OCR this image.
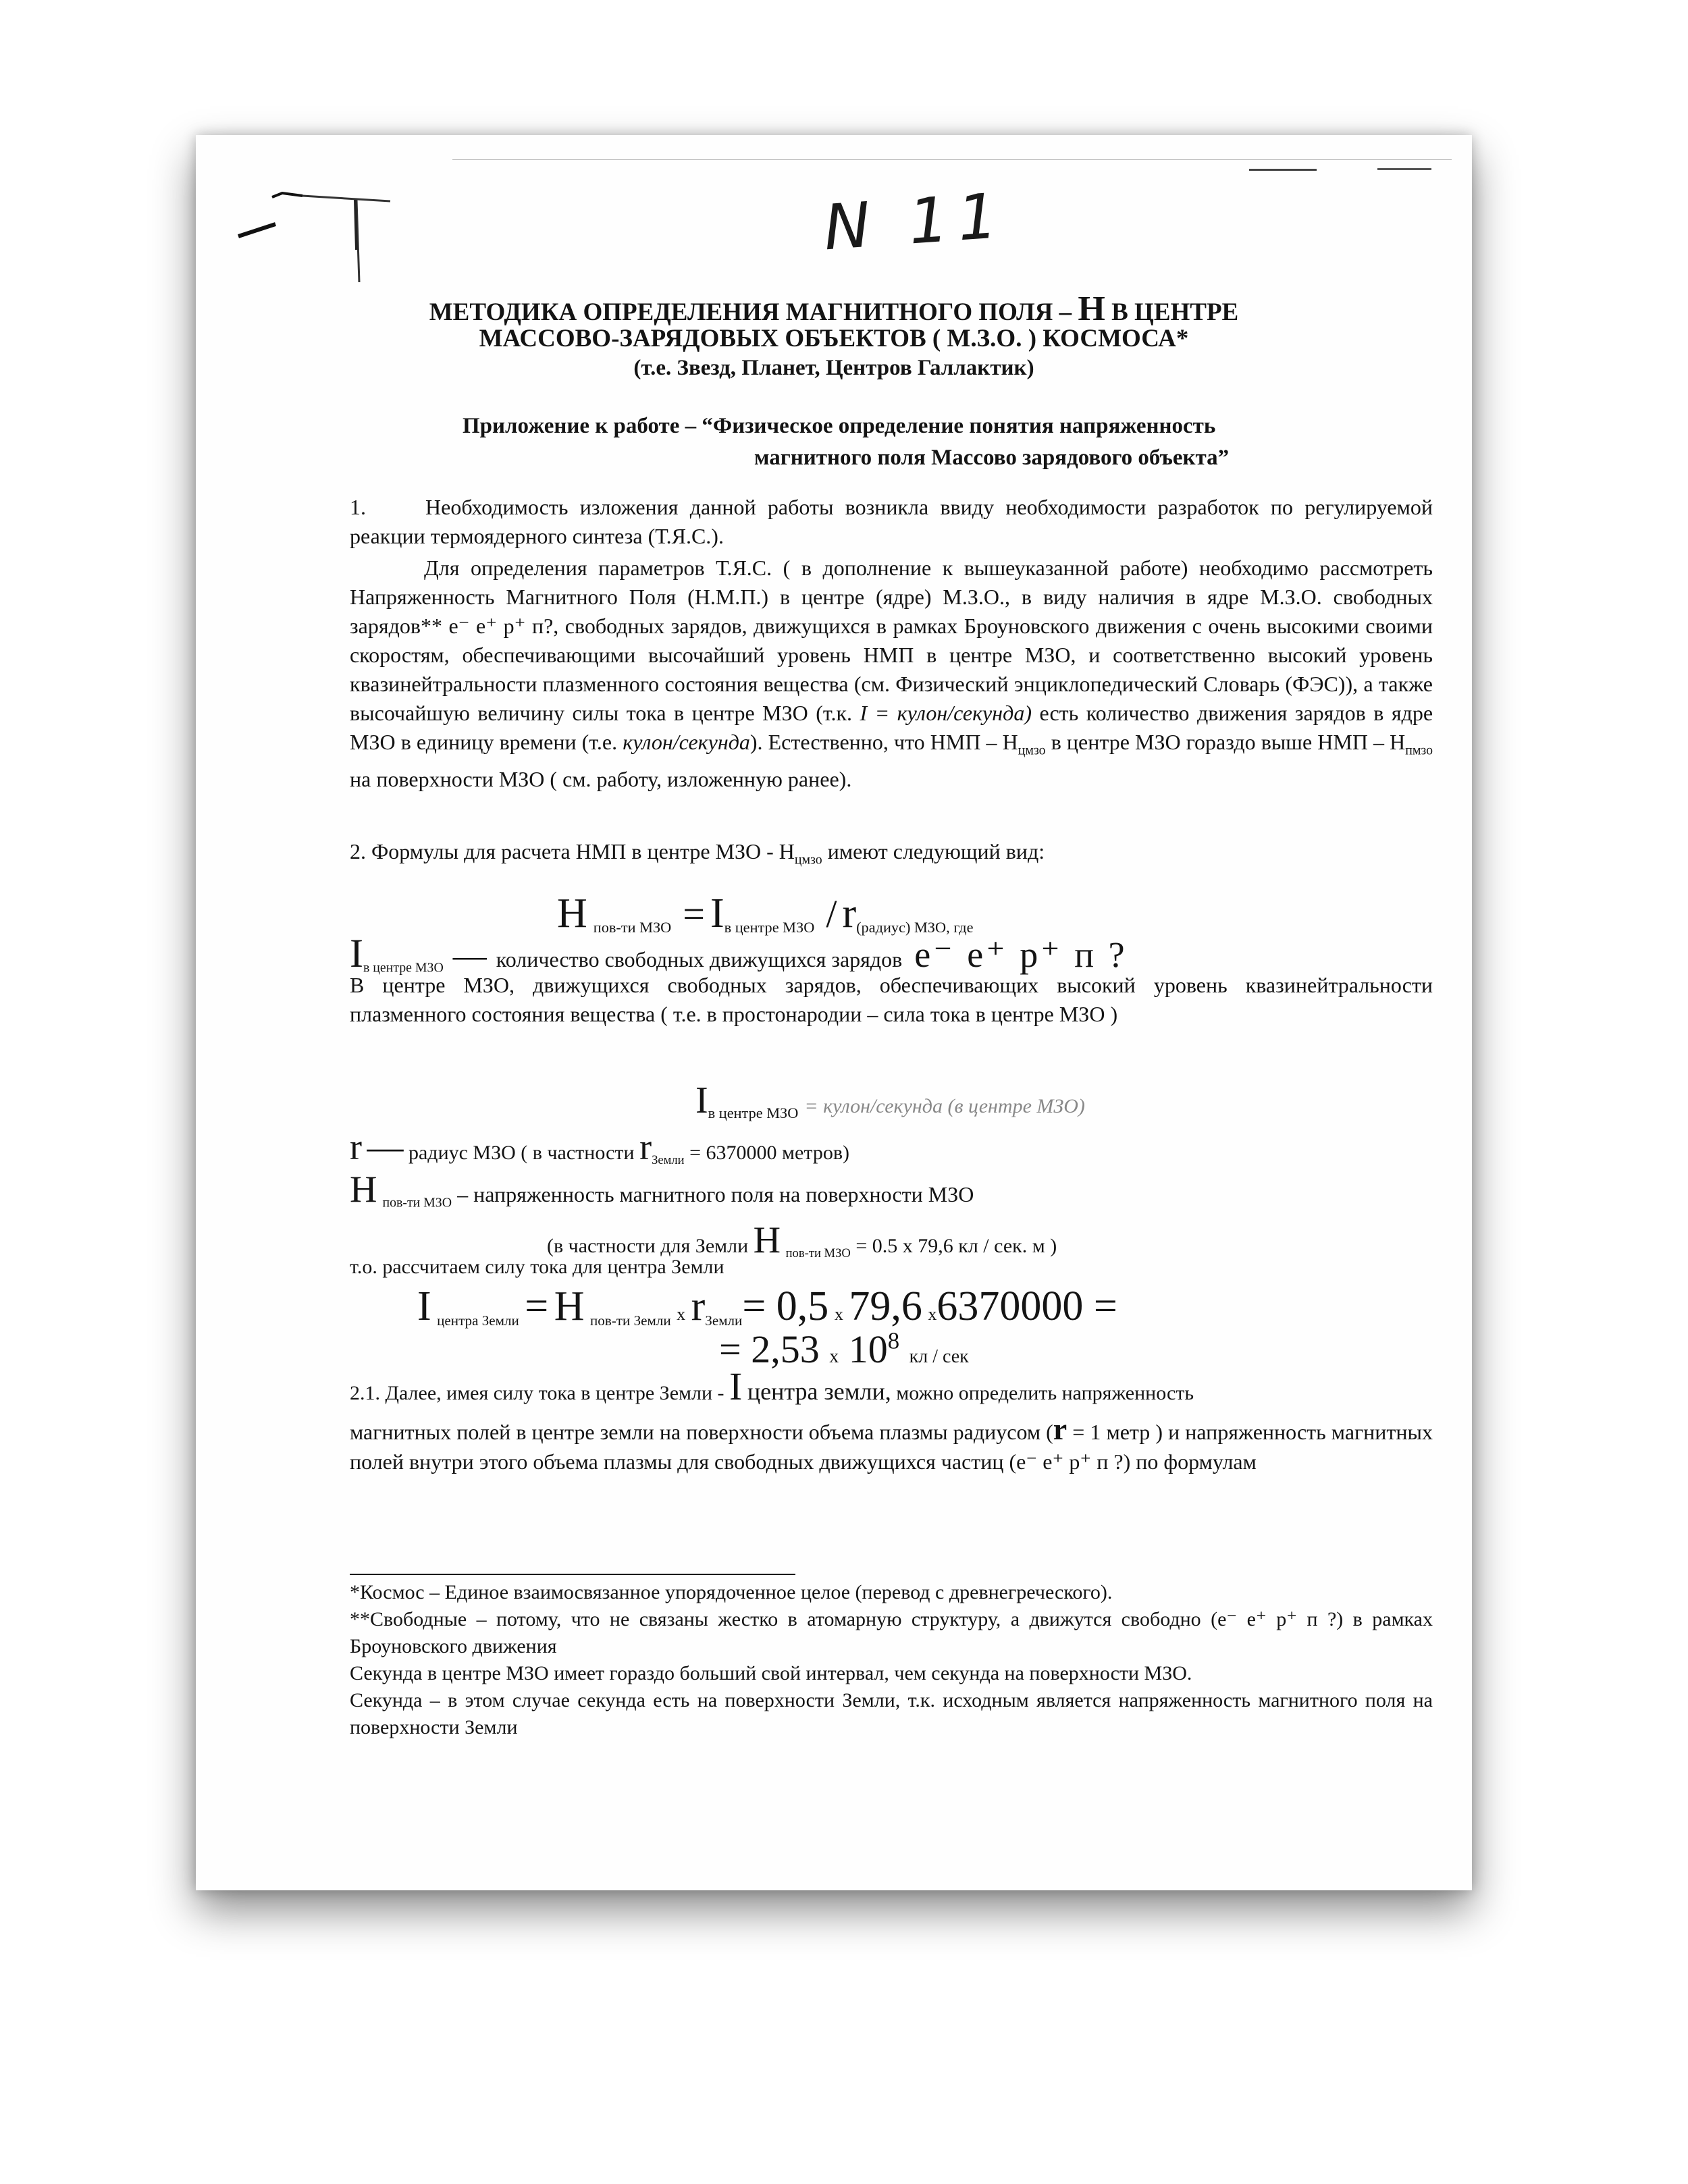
N 11
МЕТОДИКА ОПРЕДЕЛЕНИЯ МАГНИТНОГО ПОЛЯ – Н В ЦЕНТРЕ
МАССОВО-ЗАРЯДОВЫХ ОБЪЕКТОВ ( М.З.О. ) КОСМОСА*
(т.е. Звезд, Планет, Центров Галлактик)
Приложение к работе – “Физическое определение понятия напряженность
магнитного поля Массово зарядового объекта”
1.	Необходимость изложения данной работы возникла ввиду необходимости разработок по регулируемой реакции термоядерного синтеза (Т.Я.С.).
Для определения параметров Т.Я.С. ( в дополнение к вышеуказанной работе) необходимо рассмотреть Напряженность Магнитного Поля (Н.М.П.) в центре (ядре) М.З.О., в виду наличия в ядре М.З.О. свободных зарядов** e⁻ e⁺ p⁺ п?, свободных зарядов, движущихся в рамках Броуновского движения с очень высокими своими скоростям, обеспечивающими высочайший уровень НМП в центре МЗО, и соответственно высокий уровень квазинейтральности плазменного состояния вещества (см. Физический энциклопедический Словарь (ФЭС)), а также высочайшую величину силы тока в центре МЗО (т.к. I = кулон/секунда) есть количество движения зарядов в ядре МЗО в единицу времени (т.е. кулон/секунда). Естественно, что НМП – $Н_{цмзо}$ в центре МЗО гораздо выше НМП – $Н_{пмзо}$ на поверхности МЗО ( см. работу, изложенную ранее).
2. Формулы для расчета НМП в центре МЗО - $Н_{цмзо}$ имеют следующий вид:
Н $_{пов-ти МЗО} = I_{в центре МЗО} / r_{(радиус) МЗО, где}$
$I_{в центре МЗО}$ — количество свободных движущихся зарядов e⁻ e⁺ p⁺ п ?
В центре МЗО, движущихся свободных зарядов, обеспечивающих высокий уровень квазинейтральности плазменного состояния вещества ( т.е. в простонародии – сила тока в центре МЗО )
$I_{в центре МЗО}$ = кулон/секунда (в центре МЗО)
r — радиус МЗО ( в частности $r_{Земли} = 6370000$ метров)
Н $_{пов-ти МЗО}$ – напряженность магнитного поля на поверхности МЗО
(в частности для Земли Н $_{пов-ти МЗО}$ = 0.5 х 79,6 кл / сек. м )
т.о. рассчитаем силу тока для центра Земли
I $_{центра Земли}$ = Н $_{пов-ти Земли}$ х $r_{Земли}= 0,5$ х 79,6 х6370000 =
= 2,53 х $10^8$ кл / сек
2.1. Далее, имея силу тока в центре Земли - I центра земли, можно определить напряженность
магнитных полей в центре земли на поверхности объема плазмы радиусом (r = 1 метр ) и напряженность магнитных полей внутри этого объема плазмы для свободных движущихся частиц (e⁻ e⁺ p⁺ п ?) по формулам
*Космос – Единое взаимосвязанное упорядоченное целое (перевод с древнегреческого).
**Свободные – потому, что не связаны жестко в атомарную структуру, а движутся свободно (e⁻ e⁺ p⁺ п ?) в рамках Броуновского движения
Секунда в центре МЗО имеет гораздо больший свой интервал, чем секунда на поверхности МЗО.
Секунда – в этом случае секунда есть на поверхности Земли, т.к. исходным является напряженность магнитного поля на поверхности Земли
